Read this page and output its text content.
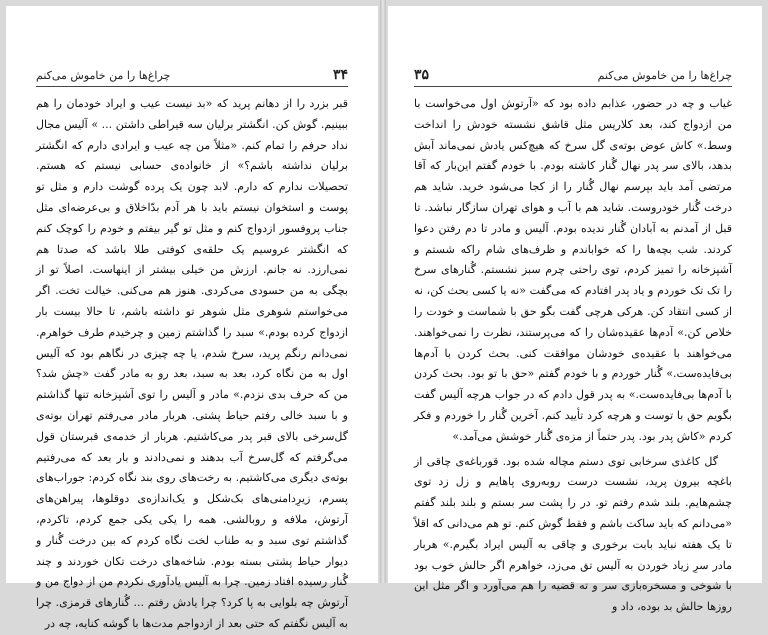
۳۴
چراغ‌ها را من خاموش می‌کنم

قبر بزرد را از دهانم پرید که «بد نیست عیب و ایراد خودمان را هم ببینیم. گوش کن. انگشتر برلیان سه قیراطی داشتن ... » آلیس مجال نداد حرفم را تمام کنم. «مثلاً من چه عیب و ایرادی دارم که انگشتر برلیان نداشته باشم؟» از خانواده‌ی حسابی نیستم که هستم. تحصیلات ندارم که دارم. لابد چون یک پرده گوشت دارم و مثل تو پوست و استخوان نیستم باید با هر آدم بدّاخلاق و بی‌عرضه‌ای مثل جناب پروفسور ازدواج کنم و مثل تو گیر بیفتم و خودم را کوچک کنم که انگشتر عروسیم یک حلقه‌ی کوفتی طلا باشد که صدتا هم نمی‌ارزد. نه جانم. ارزش من خیلی بیشتر از اینهاست. اصلاً تو از بچگی به من حسودی می‌کردی. هنوز هم می‌کنی. خیالت تخت. اگر می‌خواستم شوهری مثل شوهر تو داشته باشم، تا حالا بیست بار ازدواج کرده بودم.» سبد را گذاشتم زمین و چرخیدم طرف خواهرم. نمی‌دانم رنگم پرید، سرخ شدم، یا چه چیزی در نگاهم بود که آلیس اول به من نگاه کرد، بعد به سبد، بعد رو به مادر گفت «چش شد؟ من که حرف بدی نزدم.» مادر و آلیس را توی آشپزخانه تنها گذاشتم و با سبد خالی رفتم حیاط پشتی. هربار مادر می‌رفتم تهران بوته‌ی گل‌سرخی بالای قبر پدر می‌کاشتیم. هربار از خدمه‌ی قبرستان قول می‌گرفتم که گل‌سرخ آب بدهند و نمی‌دادند و بار بعد که می‌رفتیم بوته‌ی دیگری می‌کاشتیم. به رخت‌های روی بند نگاه کردم: جوراب‌های پسرم، زیرِدامنی‌های بک‌شکل و یک‌اندازه‌ی دوقلوها، پیراهن‌های آرتوش، ملافه و روبالشی. همه را یکی یکی جمع کردم، تاکردم، گذاشتم توی سبد و به طناب لخت نگاه کردم که بین درخت گُنار و دیوار حیاط پشتی بسته بودم. شاخه‌های درخت تکان خوردند و چند گُنار رسیده افتاد زمین. چرا به آلیس یادآوری نکردم من از دواج من و آرتوش چه بلوایی به پا کرد؟ چرا یادش رفتم ... گُنارهای قرمزی. چرا به آلیس نگفتم که حتی بعد از ازدواجم مدت‌ها با گوشه کنایه، چه در

چراغ‌ها را من خاموش می‌کنم
۳۵

غیاب و چه در حضور، عذابم داده بود که «آرتوش اول می‌خواست با من ازدواج کند، بعد کلاریس مثل قاشق نشسته خودش را انداخت وسط.» کاش عوض بوته‌ی گل سرخ که هیچ‌کس یادش نمی‌ماند آبش بدهد، بالای سر پدر نهال گُنار کاشته بودم. با خودم گفتم این‌بار که آقا مرتضی آمد باید بپرسم نهال گُنار را از کجا می‌شود خرید. شاید هم درخت گُنار خودروست. شاید هم با آب و هوای تهران سازگار نباشد. تا قبل از آمدنم به آبادان گُنار ندیده بودم. آلیس و مادر تا دم رفتن دعوا کردند. شب بچه‌ها را که خواباندم و ظرف‌های شام راکه شستم و آشپزخانه را تمیز کردم، توی راحتی چرم سبز نشستم. گُنارهای سرخ را تک تک خوردم و یاد پدر افتادم که می‌گفت «نه یا کسی بحث کن، نه از کسی انتقاد کن. هرکی هرچی گفت بگو حق با شماست و خودت را خلاص کن.» آدم‌ها عقیده‌شان را که می‌پرستند، نظرت را نمی‌خواهند. می‌خواهند با عقیده‌ی خودشان موافقت کنی. بحث کردن با آدم‌ها بی‌فایده‌ست.» گُنار خوردم و با خودم گفتم «حق با تو بود. بحث کردن با آدم‌ها بی‌فایده‌ست.» به پدر قول دادم که در جواب هرچه آلیس گفت بگویم حق با توست و هرچه کرد تأیید کنم. آخرین گُنار را خوردم و فکر کردم «کاش پدر بود. پدر حتماً از مزه‌ی گُنار خوشش می‌آمد.»

گل کاغذی سرخابی توی دستم مچاله شده بود. قورباغه‌ی چاقی از باغچه بیرون پرید، نشست درست روبه‌روی پاهایم و زل زد توی چشم‌هایم. بلند شدم رفتم تو. در را پشت سر بستم و بلند بلند گفتم «می‌دانم که باید ساکت باشم و فقط گوش کنم. تو هم می‌دانی که اقلاً تا یک هفته نباید بابت برخوری و چاقی به آلیس ایراد بگیرم.» هربار مادر سرِ زیاد خوردن به آلیس تق می‌زد، خواهرم اگر حالش خوب بود با شوخی و مسخره‌بازی سر و ته قضیه را هم می‌آورد و اگر مثل این روزها حالش بد بوده، داد و
